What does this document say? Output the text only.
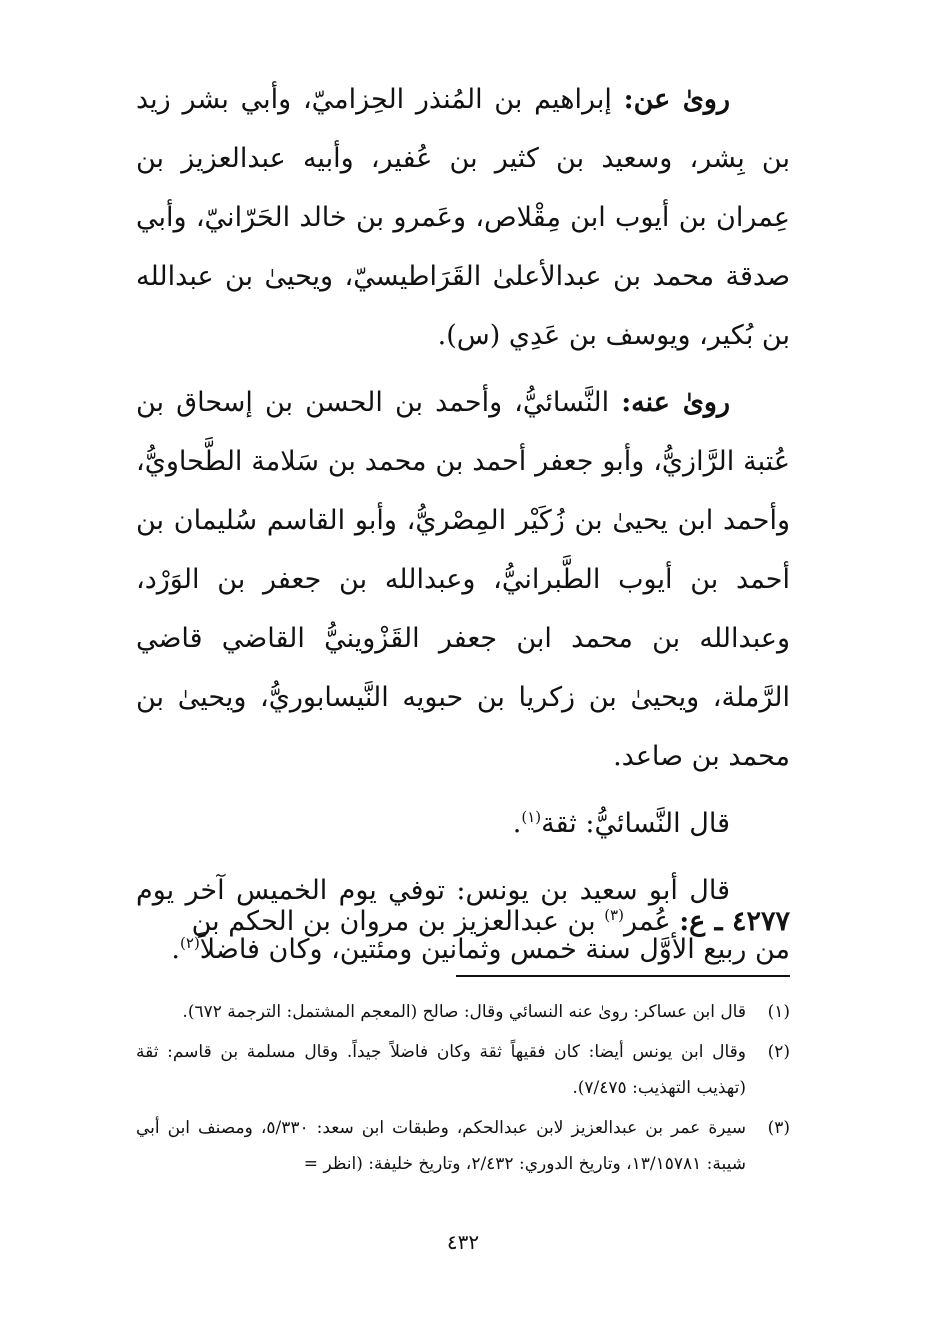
روىٰ عن: إبراهيم بن المُنذر الحِزاميّ، وأبي بشر زيد بن بِشر، وسعيد بن كثير بن عُفير، وأبيه عبدالعزيز بن عِمران بن أيوب ابن مِقْلاص، وعَمرو بن خالد الحَرّانيّ، وأبي صدقة محمد بن عبدالأعلىٰ القَرَاطيسيّ، ويحيىٰ بن عبدالله بن بُكير، ويوسف بن عَدِي (س).

روىٰ عنه: النَّسائيُّ، وأحمد بن الحسن بن إسحاق بن عُتبة الرَّازيُّ، وأبو جعفر أحمد بن محمد بن سَلامة الطَّحاويُّ، وأحمد ابن يحيىٰ بن زُكَيْر المِصْريُّ، وأبو القاسم سُليمان بن أحمد بن أيوب الطَّبرانيُّ، وعبدالله بن جعفر بن الوَرْد، وعبدالله بن محمد ابن جعفر القَزْوينيُّ القاضي قاضي الرَّملة، ويحيىٰ بن زكريا بن حبويه النَّيسابوريُّ، ويحيىٰ بن محمد بن صاعد.

قال النَّسائيُّ: ثقة$^{(١)}$.

قال أبو سعيد بن يونس: توفي يوم الخميس آخر يوم من ربيع الأوَّل سنة خمس وثمانين ومئتين، وكان فاضلاً$^{(٢)}$.

٤٢٧٧ ـ ع: عُمر$^{(٣)}$ بن عبدالعزيز بن مروان بن الحكم بن
(١)
قال ابن عساكر: روىٰ عنه النسائي وقال: صالح (المعجم المشتمل: الترجمة ٦٧٢).
(٢)
وقال ابن يونس أيضا: كان فقيهاً ثقة وكان فاضلاً جيداً. وقال مسلمة بن قاسم: ثقة (تهذيب التهذيب: ٧/٤٧٥).
(٣)
سيرة عمر بن عبدالعزيز لابن عبدالحكم، وطبقات ابن سعد: ٥/٣٣٠، ومصنف ابن أبي شيبة: ١٣/١٥٧٨١، وتاريخ الدوري: ٢/٤٣٢، وتاريخ خليفة: (انظر =
٤٣٢
